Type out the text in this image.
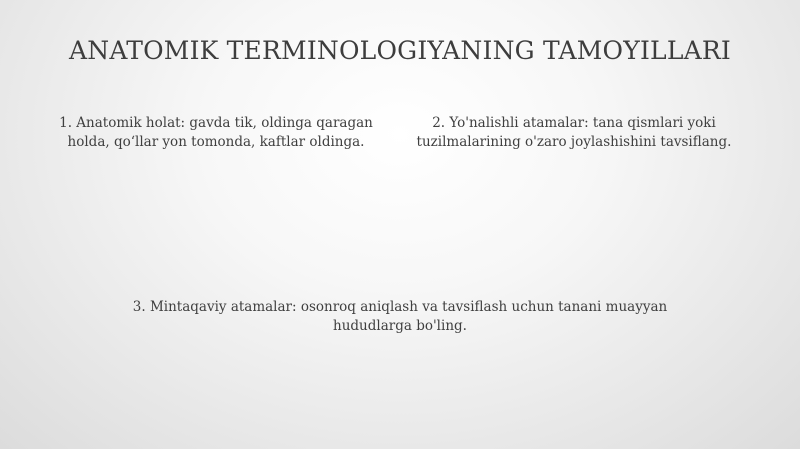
ANATOMIK TERMINOLOGIYANING TAMOYILLARI
1. Anatomik holat: gavda tik, oldinga qaragan holda, qo‘llar yon tomonda, kaftlar oldinga.
2. Yo'nalishli atamalar: tana qismlari yoki tuzilmalarining o'zaro joylashishini tavsiflang.
3. Mintaqaviy atamalar: osonroq aniqlash va tavsiflash uchun tanani muayyan hududlarga bo'ling.
